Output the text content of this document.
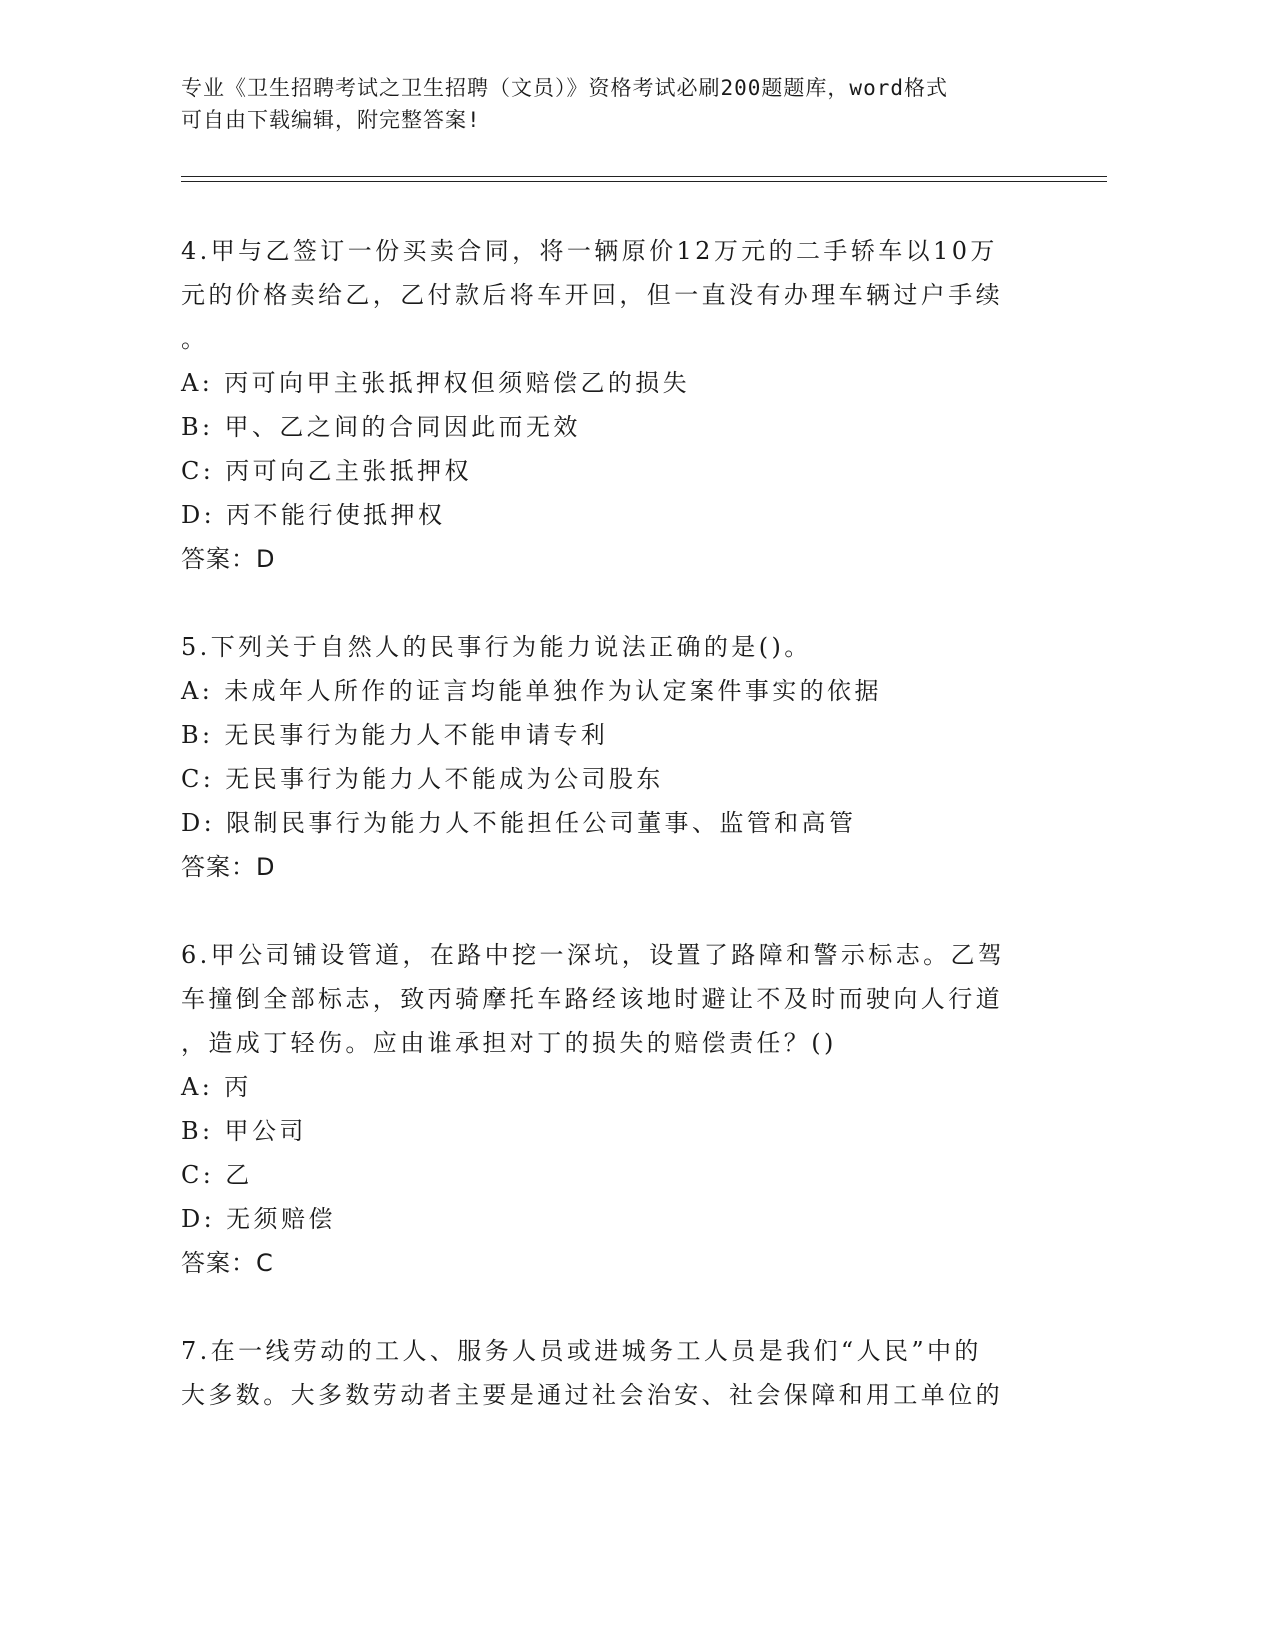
专业《卫生招聘考试之卫生招聘（文员）》资格考试必刷200题题库，word格式
可自由下载编辑，附完整答案!
4.甲与乙签订一份买卖合同，将一辆原价12万元的二手轿车以10万
元的价格卖给乙，乙付款后将车开回，但一直没有办理车辆过户手续
。
A: 丙可向甲主张抵押权但须赔偿乙的损失
B: 甲、乙之间的合同因此而无效
C: 丙可向乙主张抵押权
D: 丙不能行使抵押权
答案：D
5.下列关于自然人的民事行为能力说法正确的是()。
A: 未成年人所作的证言均能单独作为认定案件事实的依据
B: 无民事行为能力人不能申请专利
C: 无民事行为能力人不能成为公司股东
D: 限制民事行为能力人不能担任公司董事、监管和高管
答案：D
6.甲公司铺设管道，在路中挖一深坑，设置了路障和警示标志。乙驾
车撞倒全部标志，致丙骑摩托车路经该地时避让不及时而驶向人行道
，造成丁轻伤。应由谁承担对丁的损失的赔偿责任？()
A: 丙
B: 甲公司
C: 乙
D: 无须赔偿
答案：C
7.在一线劳动的工人、服务人员或进城务工人员是我们“人民”中的
大多数。大多数劳动者主要是通过社会治安、社会保障和用工单位的
